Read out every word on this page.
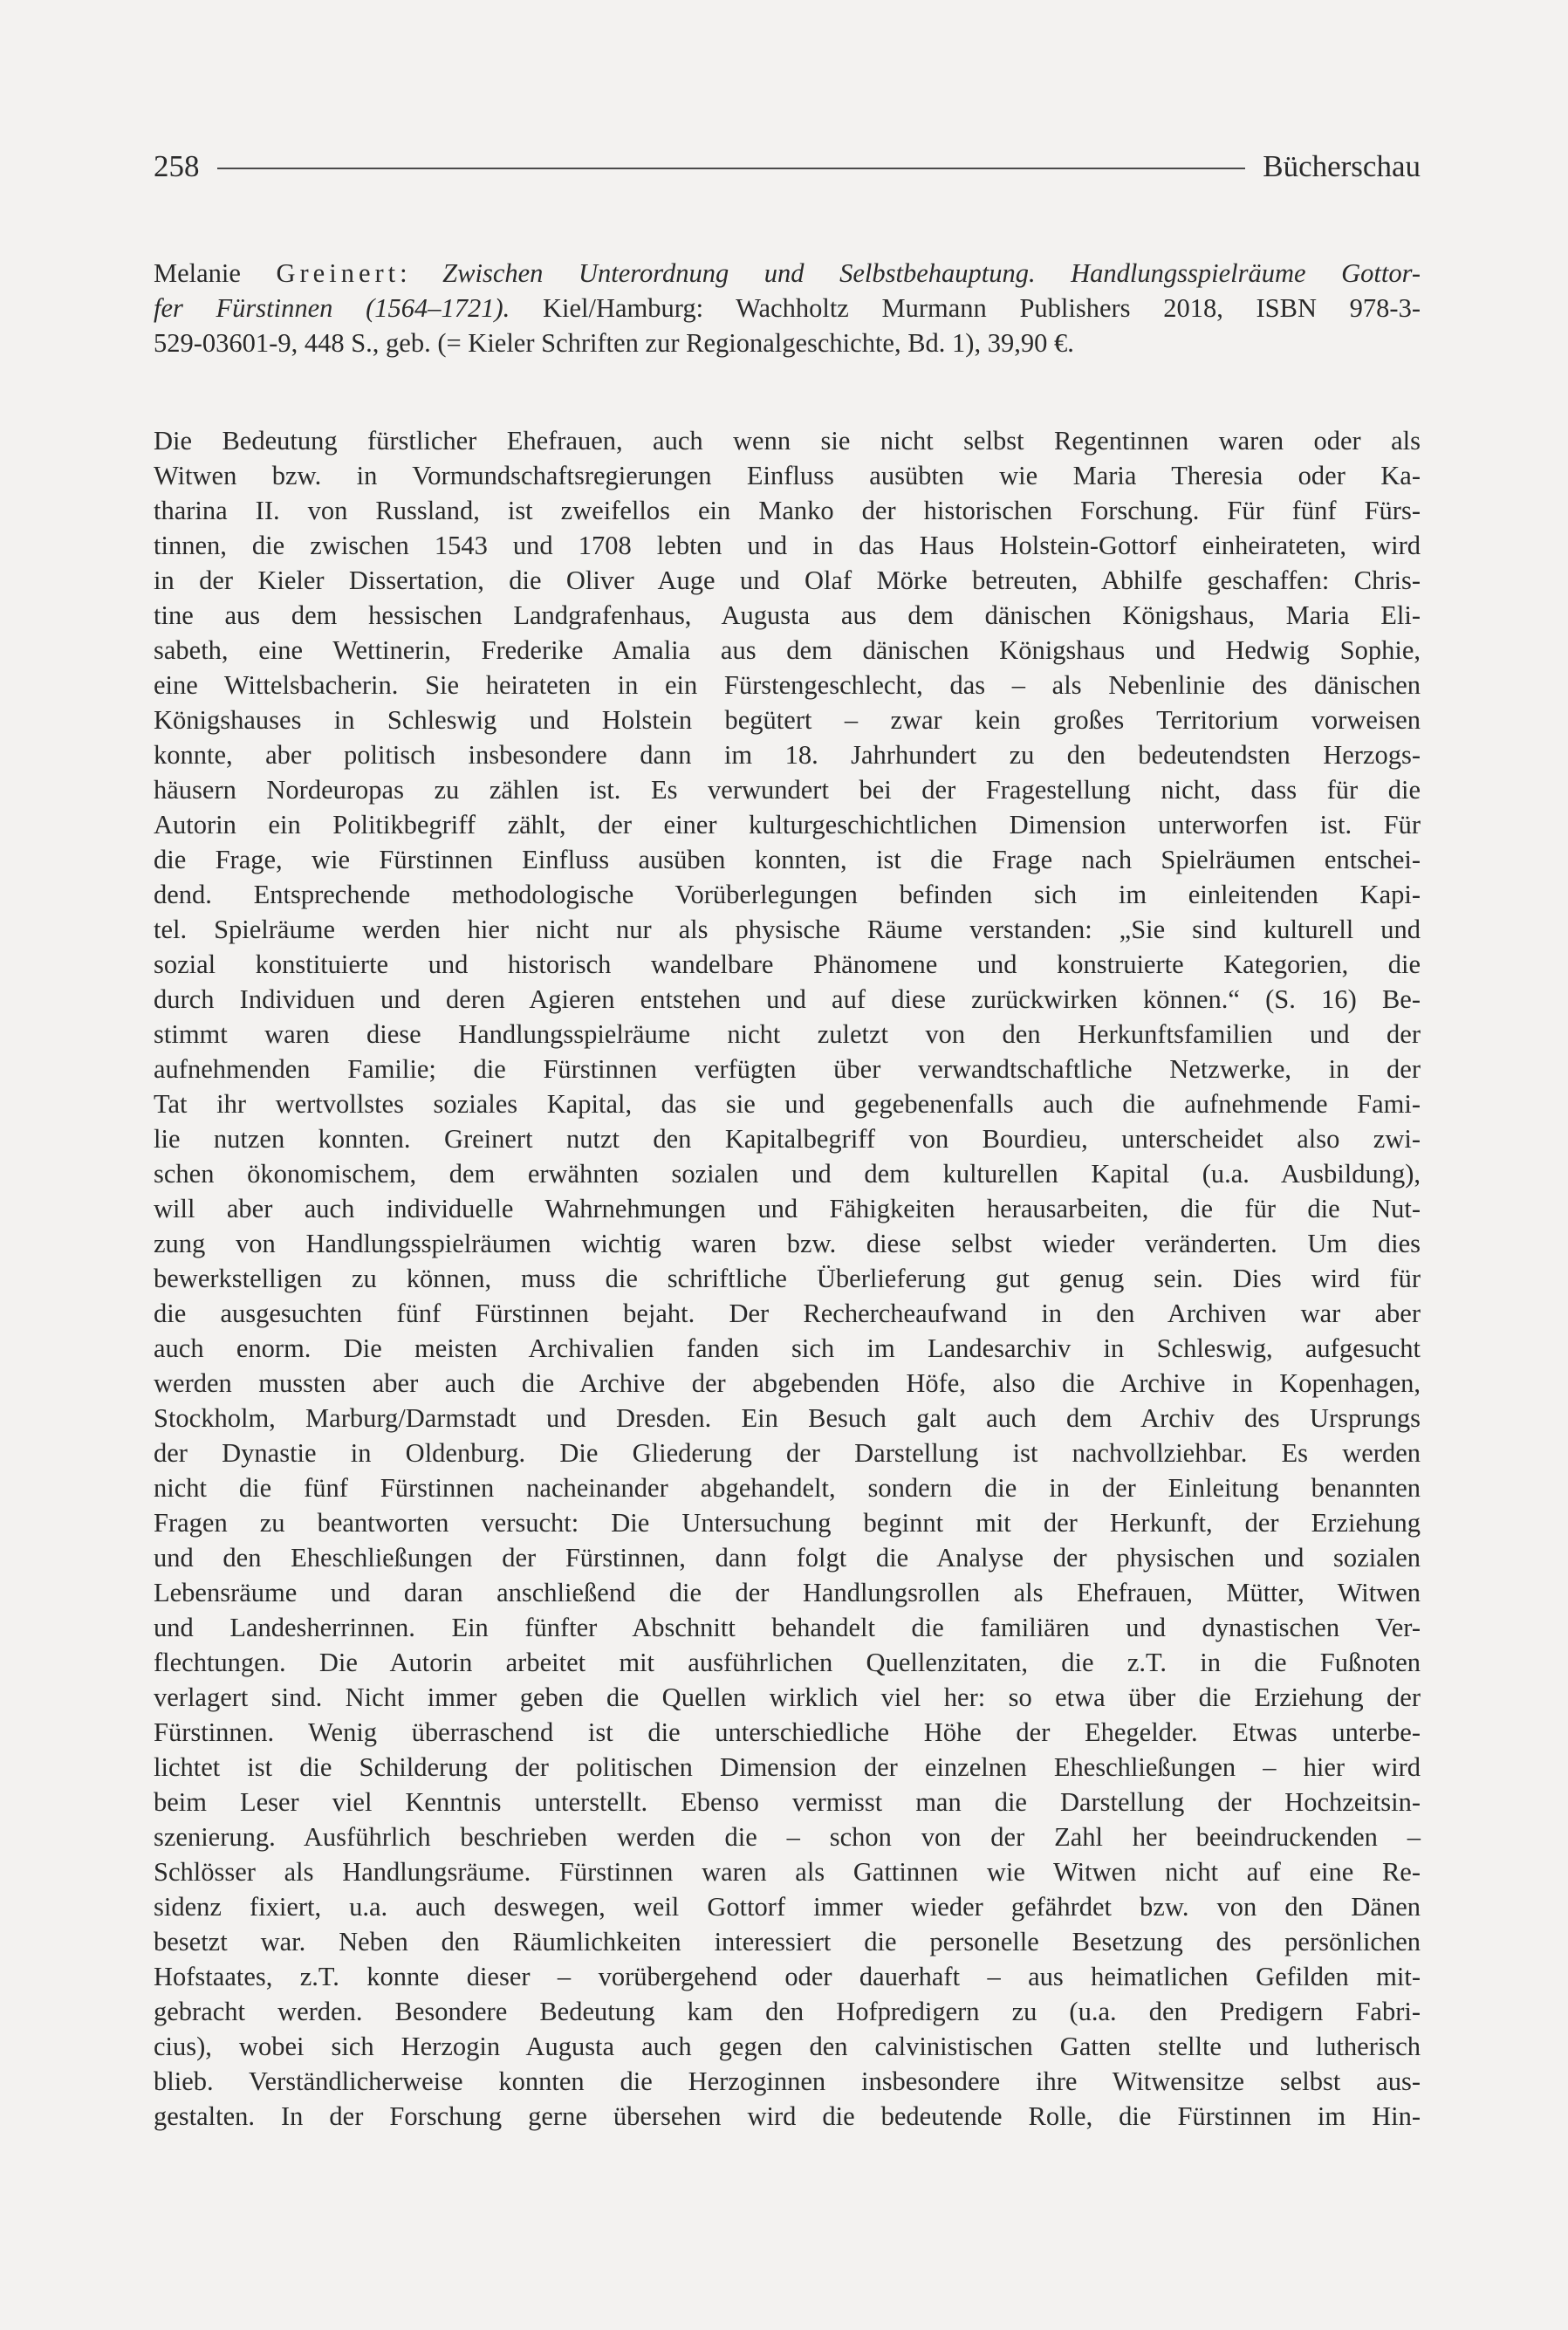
258	Bücherschau
Melanie Greinert: Zwischen Unterordnung und Selbstbehauptung. Handlungsspielräume Gottor-
fer Fürstinnen (1564–1721). Kiel/Hamburg: Wachholtz Murmann Publishers 2018, ISBN 978-3-
529-03601-9, 448 S., geb. (= Kieler Schriften zur Regionalgeschichte, Bd. 1), 39,90 €.
Die Bedeutung fürstlicher Ehefrauen, auch wenn sie nicht selbst Regentinnen waren oder als
Witwen bzw. in Vormundschaftsregierungen Einfluss ausübten wie Maria Theresia oder Ka-
tharina II. von Russland, ist zweifellos ein Manko der historischen Forschung. Für fünf Fürs-
tinnen, die zwischen 1543 und 1708 lebten und in das Haus Holstein-Gottorf einheirateten, wird
in der Kieler Dissertation, die Oliver Auge und Olaf Mörke betreuten, Abhilfe geschaffen: Chris-
tine aus dem hessischen Landgrafenhaus, Augusta aus dem dänischen Königshaus, Maria Eli-
sabeth, eine Wettinerin, Frederike Amalia aus dem dänischen Königshaus und Hedwig Sophie,
eine Wittelsbacherin. Sie heirateten in ein Fürstengeschlecht, das – als Nebenlinie des dänischen
Königshauses in Schleswig und Holstein begütert – zwar kein großes Territorium vorweisen
konnte, aber politisch insbesondere dann im 18. Jahrhundert zu den bedeutendsten Herzogs-
häusern Nordeuropas zu zählen ist. Es verwundert bei der Fragestellung nicht, dass für die
Autorin ein Politikbegriff zählt, der einer kulturgeschichtlichen Dimension unterworfen ist. Für
die Frage, wie Fürstinnen Einfluss ausüben konnten, ist die Frage nach Spielräumen entschei-
dend. Entsprechende methodologische Vorüberlegungen befinden sich im einleitenden Kapi-
tel. Spielräume werden hier nicht nur als physische Räume verstanden: „Sie sind kulturell und
sozial konstituierte und historisch wandelbare Phänomene und konstruierte Kategorien, die
durch Individuen und deren Agieren entstehen und auf diese zurückwirken können.“ (S. 16) Be-
stimmt waren diese Handlungsspielräume nicht zuletzt von den Herkunftsfamilien und der
aufnehmenden Familie; die Fürstinnen verfügten über verwandtschaftliche Netzwerke, in der
Tat ihr wertvollstes soziales Kapital, das sie und gegebenenfalls auch die aufnehmende Fami-
lie nutzen konnten. Greinert nutzt den Kapitalbegriff von Bourdieu, unterscheidet also zwi-
schen ökonomischem, dem erwähnten sozialen und dem kulturellen Kapital (u.a. Ausbildung),
will aber auch individuelle Wahrnehmungen und Fähigkeiten herausarbeiten, die für die Nut-
zung von Handlungsspielräumen wichtig waren bzw. diese selbst wieder veränderten. Um dies
bewerkstelligen zu können, muss die schriftliche Überlieferung gut genug sein. Dies wird für
die ausgesuchten fünf Fürstinnen bejaht. Der Rechercheaufwand in den Archiven war aber
auch enorm. Die meisten Archivalien fanden sich im Landesarchiv in Schleswig, aufgesucht
werden mussten aber auch die Archive der abgebenden Höfe, also die Archive in Kopenhagen,
Stockholm, Marburg/Darmstadt und Dresden. Ein Besuch galt auch dem Archiv des Ursprungs
der Dynastie in Oldenburg. Die Gliederung der Darstellung ist nachvollziehbar. Es werden
nicht die fünf Fürstinnen nacheinander abgehandelt, sondern die in der Einleitung benannten
Fragen zu beantworten versucht: Die Untersuchung beginnt mit der Herkunft, der Erziehung
und den Eheschließungen der Fürstinnen, dann folgt die Analyse der physischen und sozialen
Lebensräume und daran anschließend die der Handlungsrollen als Ehefrauen, Mütter, Witwen
und Landesherrinnen. Ein fünfter Abschnitt behandelt die familiären und dynastischen Ver-
flechtungen. Die Autorin arbeitet mit ausführlichen Quellenzitaten, die z.T. in die Fußnoten
verlagert sind. Nicht immer geben die Quellen wirklich viel her: so etwa über die Erziehung der
Fürstinnen. Wenig überraschend ist die unterschiedliche Höhe der Ehegelder. Etwas unterbe-
lichtet ist die Schilderung der politischen Dimension der einzelnen Eheschließungen – hier wird
beim Leser viel Kenntnis unterstellt. Ebenso vermisst man die Darstellung der Hochzeitsin-
szenierung. Ausführlich beschrieben werden die – schon von der Zahl her beeindruckenden –
Schlösser als Handlungsräume. Fürstinnen waren als Gattinnen wie Witwen nicht auf eine Re-
sidenz fixiert, u.a. auch deswegen, weil Gottorf immer wieder gefährdet bzw. von den Dänen
besetzt war. Neben den Räumlichkeiten interessiert die personelle Besetzung des persönlichen
Hofstaates, z.T. konnte dieser – vorübergehend oder dauerhaft – aus heimatlichen Gefilden mit-
gebracht werden. Besondere Bedeutung kam den Hofpredigern zu (u.a. den Predigern Fabri-
cius), wobei sich Herzogin Augusta auch gegen den calvinistischen Gatten stellte und lutherisch
blieb. Verständlicherweise konnten die Herzoginnen insbesondere ihre Witwensitze selbst aus-
gestalten. In der Forschung gerne übersehen wird die bedeutende Rolle, die Fürstinnen im Hin-
